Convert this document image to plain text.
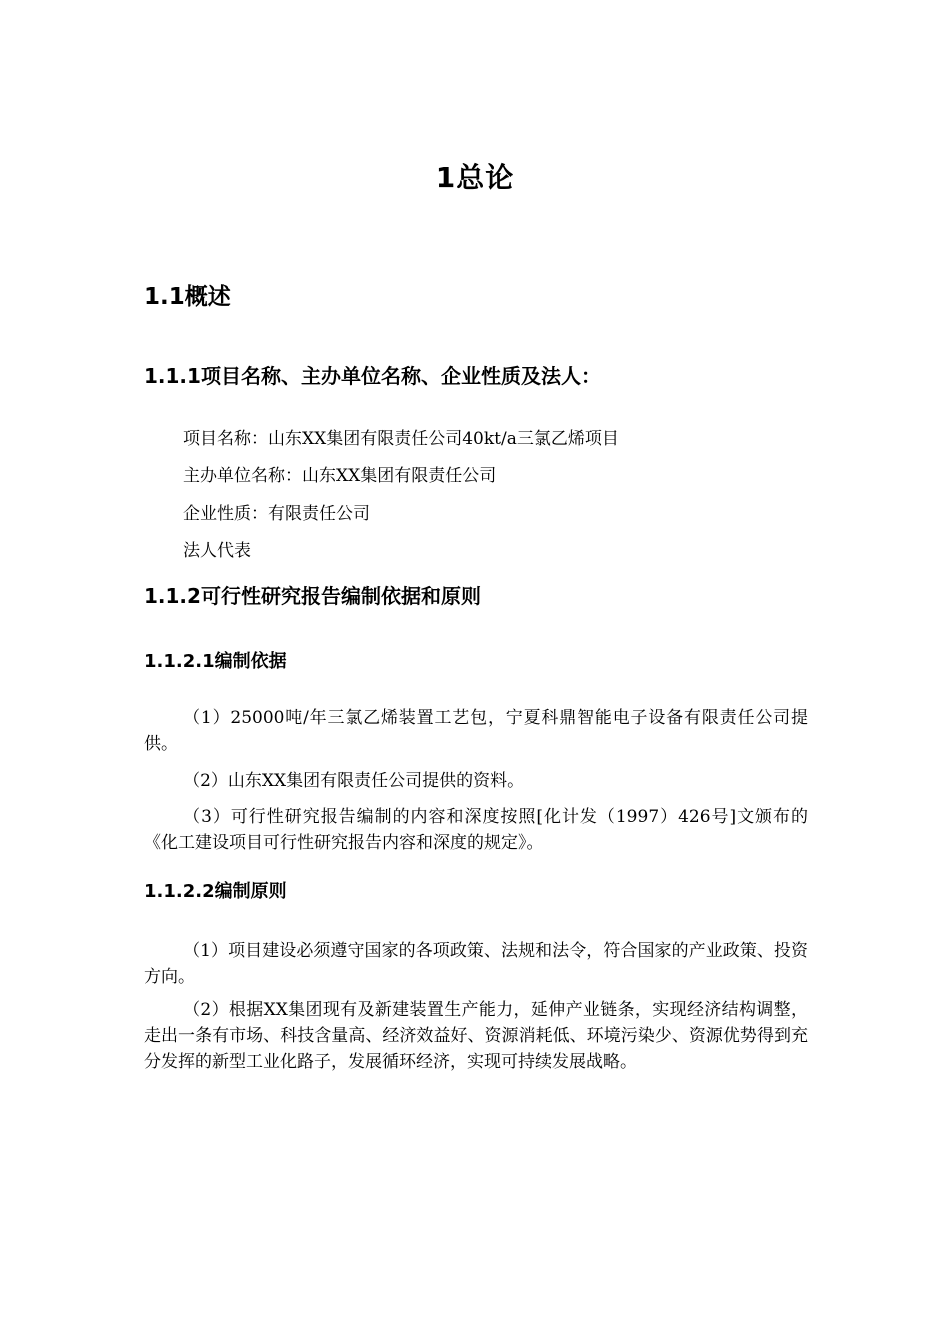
1总论
1.1概述
1.1.1项目名称、主办单位名称、企业性质及法人：

项目名称：山东XX集团有限责任公司40kt/a三氯乙烯项目

主办单位名称：山东XX集团有限责任公司

企业性质：有限责任公司

法人代表

1.1.2可行性研究报告编制依据和原则
1.1.2.1编制依据

（1）25000吨/年三氯乙烯装置工艺包，宁夏科鼎智能电子设备有限责任公司提供。

（2）山东XX集团有限责任公司提供的资料。

（3）可行性研究报告编制的内容和深度按照[化计发（1997）426号]文颁布的《化工建设项目可行性研究报告内容和深度的规定》。

1.1.2.2编制原则

（1）项目建设必须遵守国家的各项政策、法规和法令，符合国家的产业政策、投资方向。

（2）根据XX集团现有及新建装置生产能力，延伸产业链条，实现经济结构调整，走出一条有市场、科技含量高、经济效益好、资源消耗低、环境污染少、资源优势得到充分发挥的新型工业化路子，发展循环经济，实现可持续发展战略。
